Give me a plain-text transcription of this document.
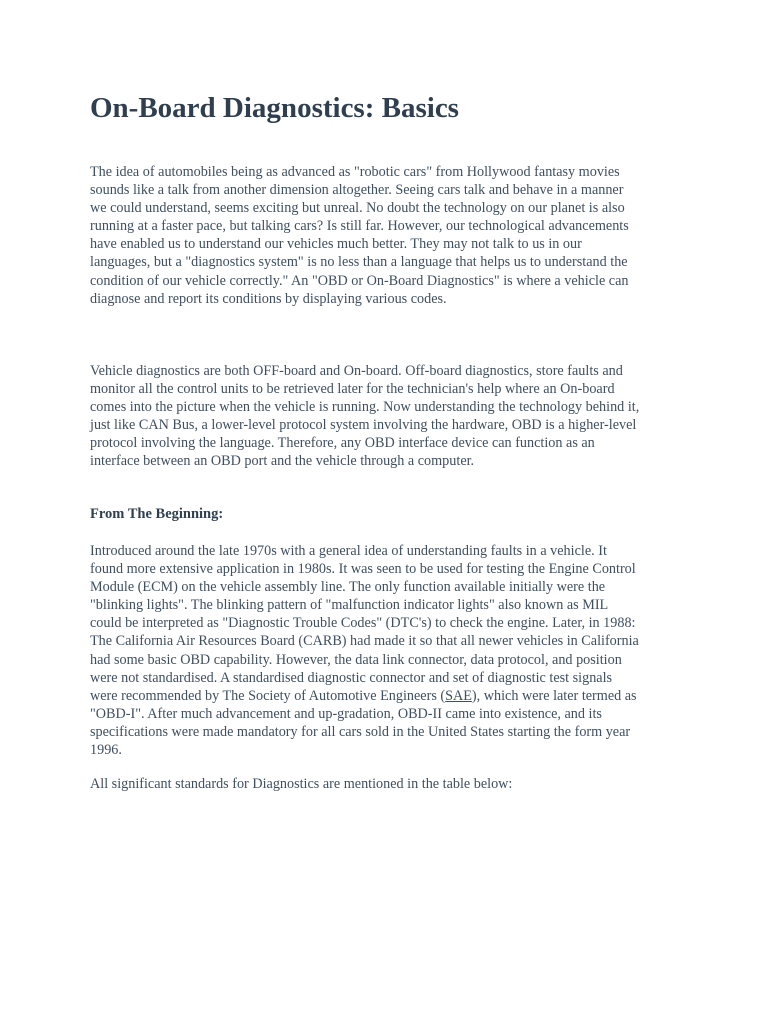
On-Board Diagnostics: Basics
The idea of automobiles being as advanced as "robotic cars" from Hollywood fantasy movies
sounds like a talk from another dimension altogether. Seeing cars talk and behave in a manner
we could understand, seems exciting but unreal. No doubt the technology on our planet is also
running at a faster pace, but talking cars? Is still far. However, our technological advancements
have enabled us to understand our vehicles much better. They may not talk to us in our
languages, but a "diagnostics system" is no less than a language that helps us to understand the
condition of our vehicle correctly." An "OBD or On-Board Diagnostics" is where a vehicle can
diagnose and report its conditions by displaying various codes.
Vehicle diagnostics are both OFF-board and On-board. Off-board diagnostics, store faults and
monitor all the control units to be retrieved later for the technician's help where an On-board
comes into the picture when the vehicle is running. Now understanding the technology behind it,
just like CAN Bus, a lower-level protocol system involving the hardware, OBD is a higher-level
protocol involving the language. Therefore, any OBD interface device can function as an
interface between an OBD port and the vehicle through a computer.
From The Beginning:
Introduced around the late 1970s with a general idea of understanding faults in a vehicle. It
found more extensive application in 1980s. It was seen to be used for testing the Engine Control
Module (ECM) on the vehicle assembly line. The only function available initially were the
"blinking lights". The blinking pattern of "malfunction indicator lights" also known as MIL
could be interpreted as "Diagnostic Trouble Codes" (DTC's) to check the engine. Later, in 1988:
The California Air Resources Board (CARB) had made it so that all newer vehicles in California
had some basic OBD capability. However, the data link connector, data protocol, and position
were not standardised. A standardised diagnostic connector and set of diagnostic test signals
were recommended by The Society of Automotive Engineers (SAE), which were later termed as
"OBD-I". After much advancement and up-gradation, OBD-II came into existence, and its
specifications were made mandatory for all cars sold in the United States starting the form year
1996.
All significant standards for Diagnostics are mentioned in the table below:
